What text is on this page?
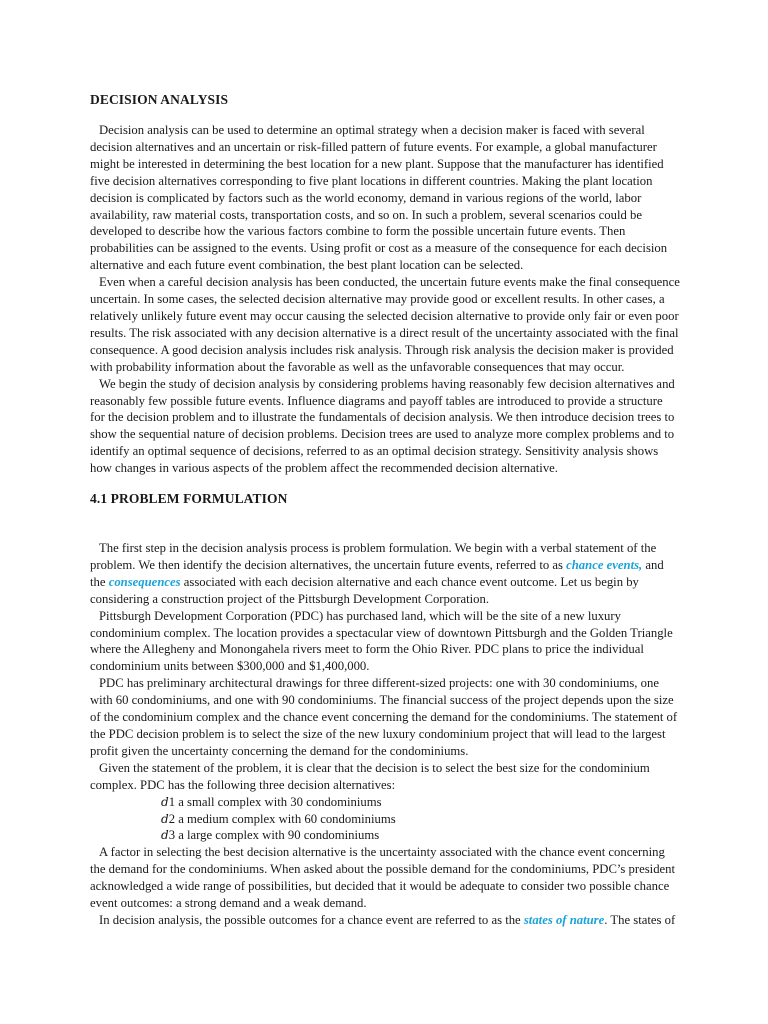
DECISION ANALYSIS

Decision analysis can be used to determine an optimal strategy when a decision maker is faced with several decision alternatives and an uncertain or risk-filled pattern of future events. For example, a global manufacturer might be interested in determining the best location for a new plant. Suppose that the manufacturer has identified five decision alternatives corresponding to five plant locations in different countries. Making the plant location decision is complicated by factors such as the world economy, demand in various regions of the world, labor availability, raw material costs, transportation costs, and so on. In such a problem, several scenarios could be developed to describe how the various factors combine to form the possible uncertain future events. Then probabilities can be assigned to the events. Using profit or cost as a measure of the consequence for each decision alternative and each future event combination, the best plant location can be selected.

Even when a careful decision analysis has been conducted, the uncertain future events make the final consequence uncertain. In some cases, the selected decision alternative may provide good or excellent results. In other cases, a relatively unlikely future event may occur causing the selected decision alternative to provide only fair or even poor results. The risk associated with any decision alternative is a direct result of the uncertainty associated with the final consequence. A good decision analysis includes risk analysis. Through risk analysis the decision maker is provided with probability information about the favorable as well as the unfavorable consequences that may occur.

We begin the study of decision analysis by considering problems having reasonably few decision alternatives and reasonably few possible future events. Influence diagrams and payoff tables are introduced to provide a structure for the decision problem and to illustrate the fundamentals of decision analysis. We then introduce decision trees to show the sequential nature of decision problems. Decision trees are used to analyze more complex problems and to identify an optimal sequence of decisions, referred to as an optimal decision strategy. Sensitivity analysis shows how changes in various aspects of the problem affect the recommended decision alternative.

4.1 PROBLEM FORMULATION

The first step in the decision analysis process is problem formulation. We begin with a verbal statement of the problem. We then identify the decision alternatives, the uncertain future events, referred to as chance events, and the consequences associated with each decision alternative and each chance event outcome. Let us begin by considering a construction project of the Pittsburgh Development Corporation.

Pittsburgh Development Corporation (PDC) has purchased land, which will be the site of a new luxury condominium complex. The location provides a spectacular view of downtown Pittsburgh and the Golden Triangle where the Allegheny and Monongahela rivers meet to form the Ohio River. PDC plans to price the individual condominium units between $300,000 and $1,400,000.

PDC has preliminary architectural drawings for three different-sized projects: one with 30 condominiums, one with 60 condominiums, and one with 90 condominiums. The financial success of the project depends upon the size of the condominium complex and the chance event concerning the demand for the condominiums. The statement of the PDC decision problem is to select the size of the new luxury condominium project that will lead to the largest profit given the uncertainty concerning the demand for the condominiums.

Given the statement of the problem, it is clear that the decision is to select the best size for the condominium complex. PDC has the following three decision alternatives:

d1 a small complex with 30 condominiums
d2 a medium complex with 60 condominiums
d3 a large complex with 90 condominiums

A factor in selecting the best decision alternative is the uncertainty associated with the chance event concerning the demand for the condominiums. When asked about the possible demand for the condominiums, PDC’s president acknowledged a wide range of possibilities, but decided that it would be adequate to consider two possible chance event outcomes: a strong demand and a weak demand.

In decision analysis, the possible outcomes for a chance event are referred to as the states of nature. The states of
